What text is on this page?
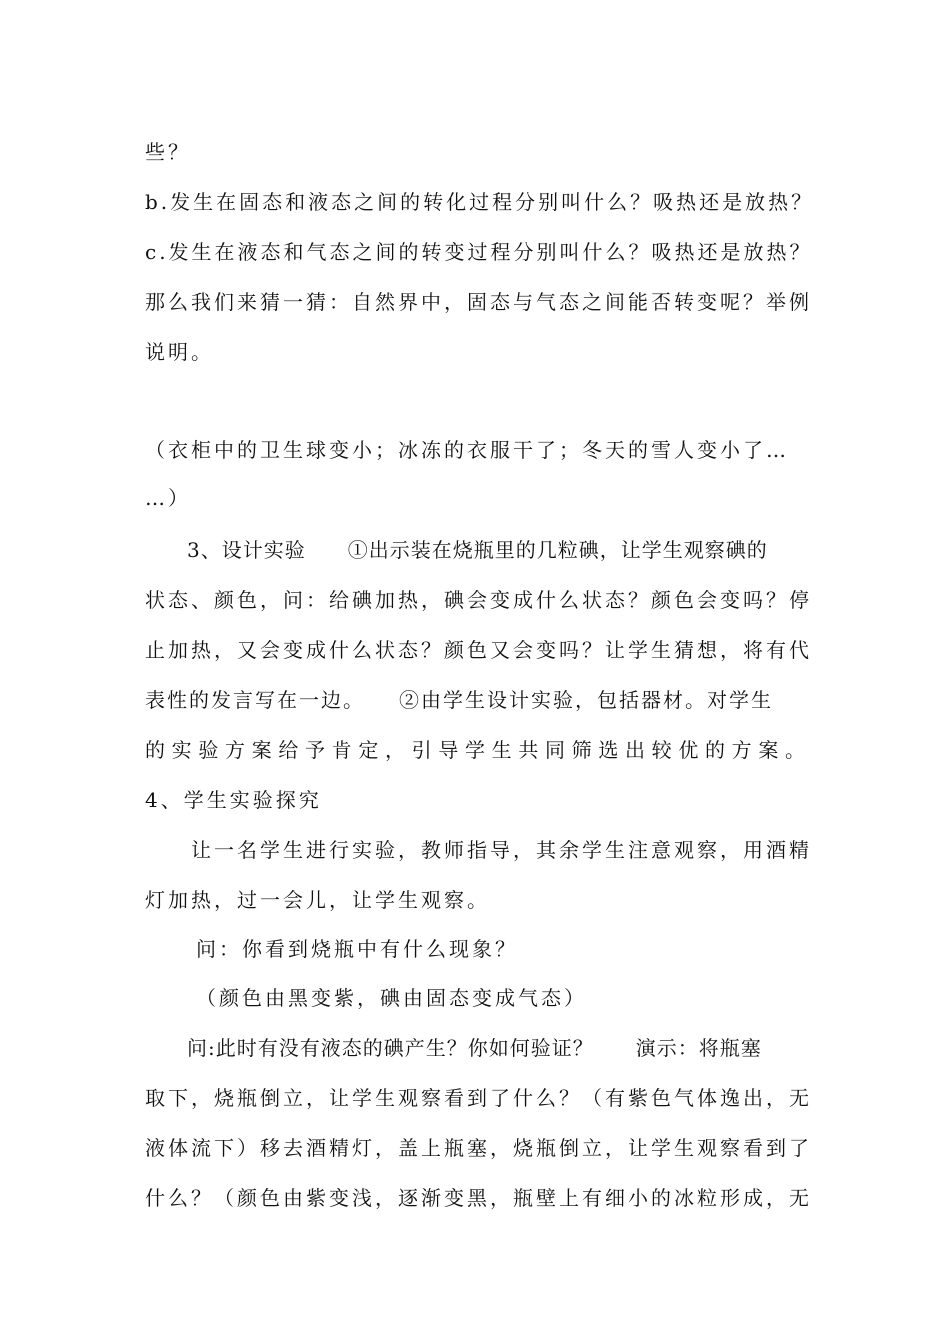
些？
b.发生在固态和液态之间的转化过程分别叫什么？吸热还是放热？
c.发生在液态和气态之间的转变过程分别叫什么？吸热还是放热？
那么我们来猜一猜：自然界中，固态与气态之间能否转变呢？举例
说明。
（衣柜中的卫生球变小；冰冻的衣服干了；冬天的雪人变小了…
…）
　　3、设计实验　　①出示装在烧瓶里的几粒碘，让学生观察碘的
状态、颜色，问：给碘加热，碘会变成什么状态？颜色会变吗？停
止加热，又会变成什么状态？颜色又会变吗？让学生猜想，将有代
表性的发言写在一边。　　②由学生设计实验，包括器材。对学生
的实验方案给予肯定，引导学生共同筛选出较优的方案。
4、学生实验探究
　　让一名学生进行实验，教师指导，其余学生注意观察，用酒精
灯加热，过一会儿，让学生观察。
　　问：你看到烧瓶中有什么现象？
　　（颜色由黑变紫，碘由固态变成气态）
　　问:此时有没有液态的碘产生？你如何验证？　　演示：将瓶塞
取下，烧瓶倒立，让学生观察看到了什么？（有紫色气体逸出，无
液体流下）移去酒精灯，盖上瓶塞，烧瓶倒立，让学生观察看到了
什么？（颜色由紫变浅，逐渐变黑，瓶壁上有细小的冰粒形成，无
